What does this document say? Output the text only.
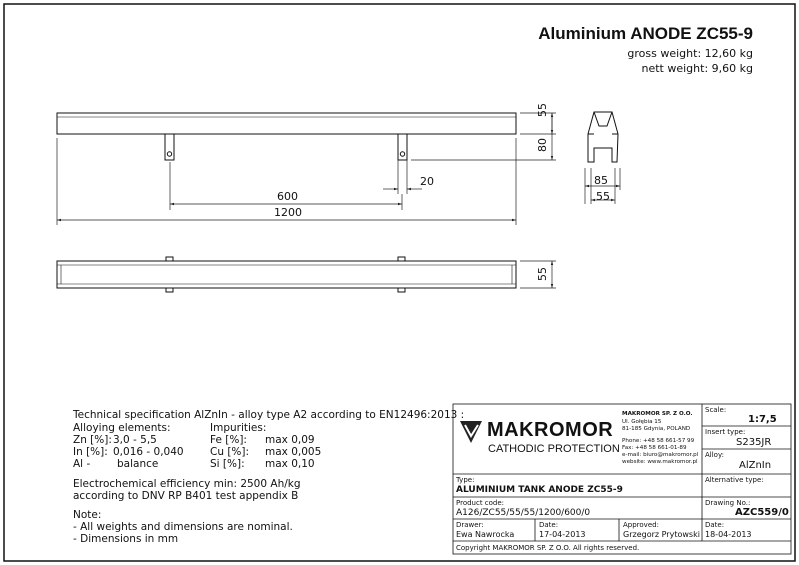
Aluminium ANODE ZC55-9
gross weight: 12,60 kg
nett weight: 9,60 kg
55
80
20
600
1200
85
55
55
Technical specification AlZnIn - alloy type A2 according to EN12496:2013 :
Alloying elements:	Impurities:
Zn [%]: 3,0 - 5,5	Fe [%]: max 0,09
In [%]: 0,016 - 0,040	Cu [%]: max 0,005
Al -	balance	Si [%]: max 0,10
Electrochemical efficiency min: 2500 Ah/kg
according to DNV RP B401 test appendix B
Note:
- All weights and dimensions are nominal.
- Dimensions in mm
MAKROMOR
CATHODIC PROTECTION
MAKROMOR SP. Z O.O.
Ul. Gołębia 15
81-185 Gdynia, POLAND
Phone: +48 58 661-57 99
Fax: +48 58 661-01-89
e-mail: biuro@makromor.pl
website: www.makromor.pl
Scale:
1:7,5
Insert type:
S235JR
Alloy:
AlZnIn
Type:
ALUMINIUM TANK ANODE ZC55-9
Alternative type:
Product code:
A126/ZC55/55/55/1200/600/0
Drawing No.:
AZC559/0
Drawer:
Ewa Nawrocka
Date:
17-04-2013
Approved:
Grzegorz Prytowski
Date:
18-04-2013
Copyright MAKROMOR SP. Z O.O. All rights reserved.
